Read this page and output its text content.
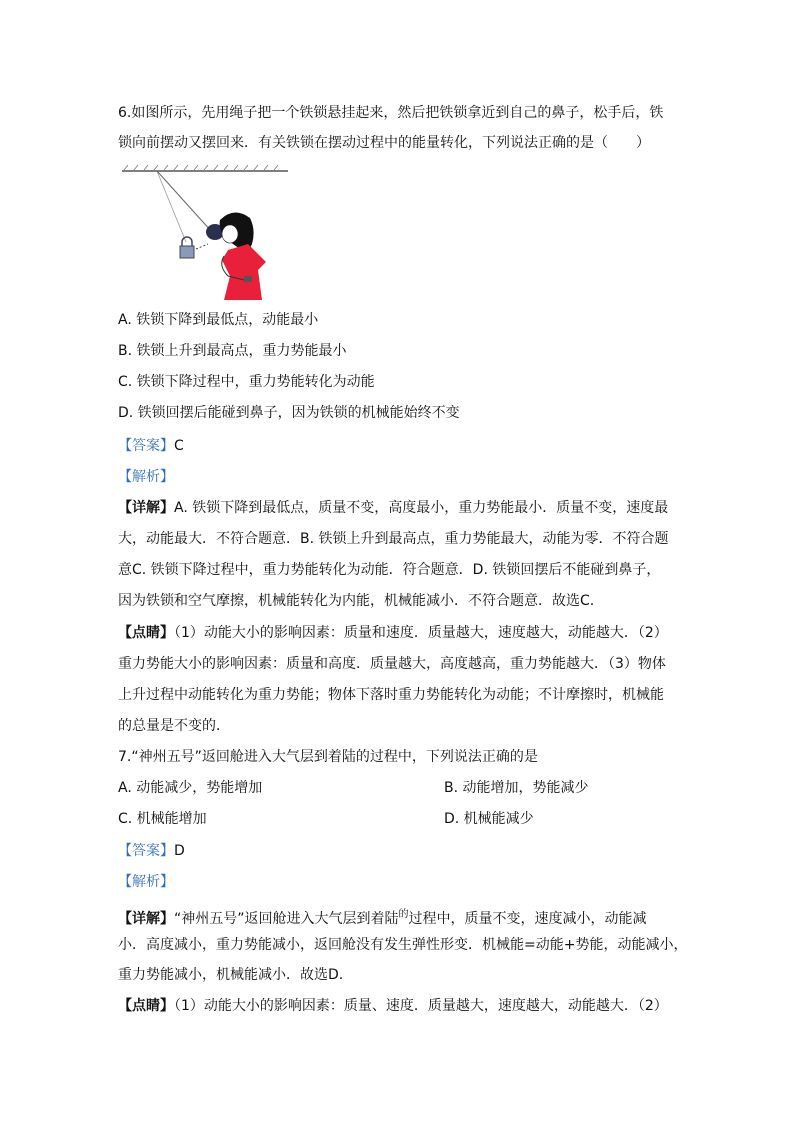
6.如图所示，先用绳子把一个铁锁悬挂起来，然后把铁锁拿近到自己的鼻子，松手后，铁
锁向前摆动又摆回来．有关铁锁在摆动过程中的能量转化，下列说法正确的是（　　）
A. 铁锁下降到最低点，动能最小
B. 铁锁上升到最高点，重力势能最小
C. 铁锁下降过程中，重力势能转化为动能
D. 铁锁回摆后能碰到鼻子，因为铁锁的机械能始终不变
【答案】C
【解析】
【详解】A. 铁锁下降到最低点，质量不变，高度最小，重力势能最小．质量不变，速度最
大，动能最大．不符合题意．B. 铁锁上升到最高点，重力势能最大，动能为零．不符合题
意C. 铁锁下降过程中，重力势能转化为动能．符合题意．D. 铁锁回摆后不能碰到鼻子，
因为铁锁和空气摩擦，机械能转化为内能，机械能减小．不符合题意．故选C.
【点睛】（1）动能大小的影响因素：质量和速度．质量越大，速度越大，动能越大．（2）
重力势能大小的影响因素：质量和高度．质量越大，高度越高，重力势能越大．（3）物体
上升过程中动能转化为重力势能；物体下落时重力势能转化为动能；不计摩擦时，机械能
的总量是不变的．
7.“神州五号”返回舱进入大气层到着陆的过程中，下列说法正确的是
A. 动能减少，势能增加	B. 动能增加，势能减少
C. 机械能增加	D. 机械能减少
【答案】D
【解析】
【详解】“神州五号”返回舱进入大气层到着陆$^的$过程中，质量不变，速度减小，动能减
小．高度减小，重力势能减小，返回舱没有发生弹性形变．机械能=动能+势能，动能减小，
重力势能减小，机械能减小．故选D.
【点睛】（1）动能大小的影响因素：质量、速度．质量越大，速度越大，动能越大．（2）
